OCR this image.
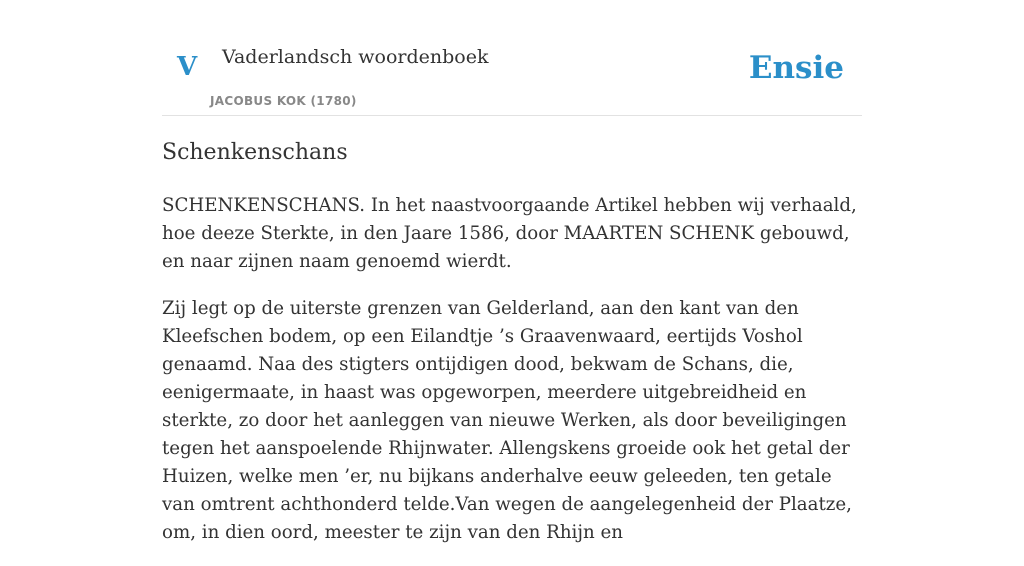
V Vaderlandsch woordenboek
JACOBUS KOK (1780)
Ensie
Schenkenschans

SCHENKENSCHANS. In het naastvoorgaande Artikel hebben wij verhaald, hoe deeze Sterkte, in den Jaare 1586, door MAARTEN SCHENK gebouwd, en naar zijnen naam genoemd wierdt.

Zij legt op de uiterste grenzen van Gelderland, aan den kant van den Kleefschen bodem, op een Eilandtje ’s Graavenwaard, eertijds Voshol genaamd. Naa des stigters ontijdigen dood, bekwam de Schans, die, eenigermaate, in haast was opgeworpen, meerdere uitgebreidheid en sterkte, zo door het aanleggen van nieuwe Werken, als door beveiligingen tegen het aanspoelende Rhijnwater. Allengskens groeide ook het getal der Huizen, welke men ’er, nu bijkans anderhalve eeuw geleeden, ten getale van omtrent achthonderd telde.Van wegen de aangelegenheid der Plaatze, om, in dien oord, meester te zijn van den Rhijn en
